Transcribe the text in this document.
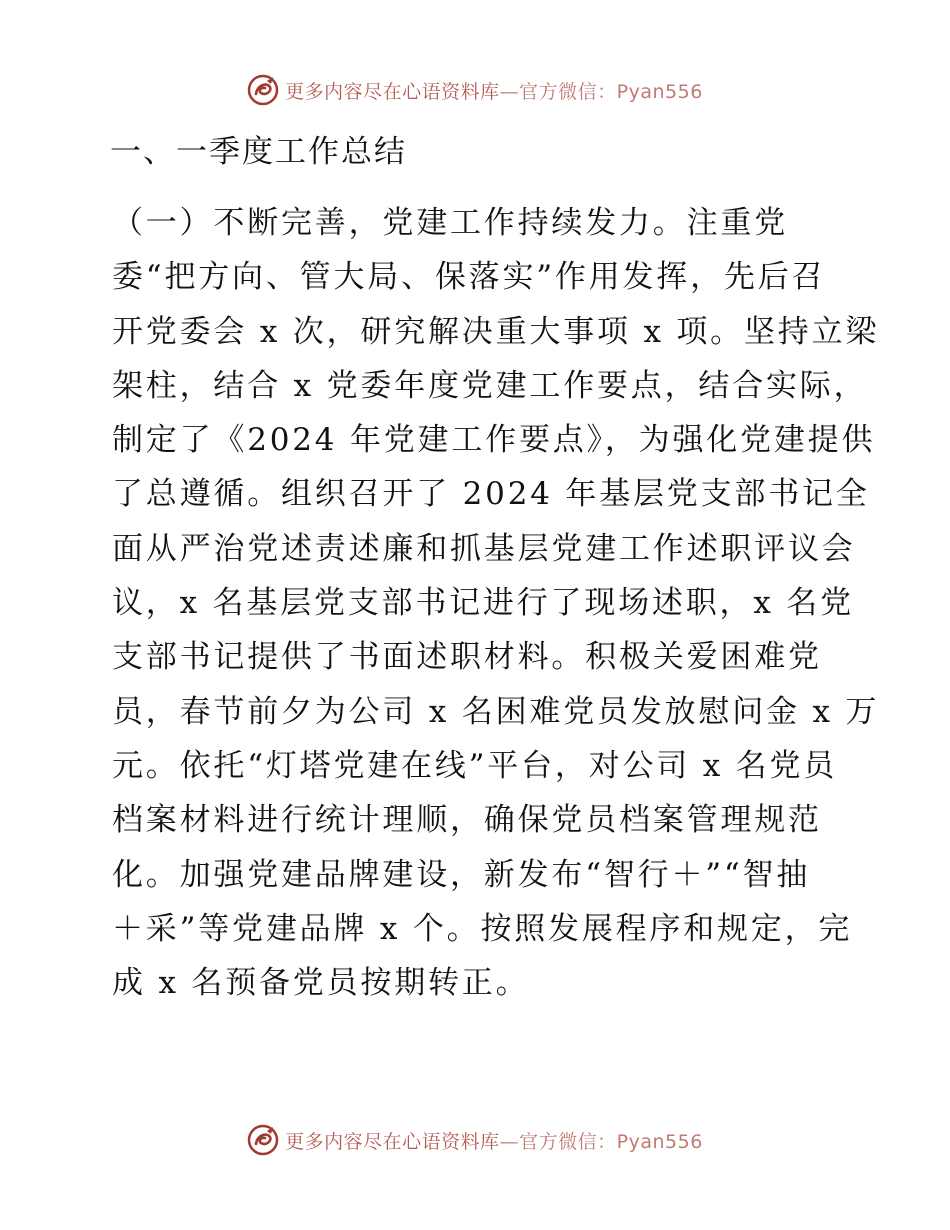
更多内容尽在心语资料库—官方微信：Pyan556
一、一季度工作总结
（一）不断完善，党建工作持续发力。注重党
委“把方向、管大局、保落实”作用发挥，先后召
开党委会 x 次，研究解决重大事项 x 项。坚持立梁
架柱，结合 x 党委年度党建工作要点，结合实际，
制定了《2024 年党建工作要点》，为强化党建提供
了总遵循。组织召开了 2024 年基层党支部书记全
面从严治党述责述廉和抓基层党建工作述职评议会
议，x 名基层党支部书记进行了现场述职，x 名党
支部书记提供了书面述职材料。积极关爱困难党
员，春节前夕为公司 x 名困难党员发放慰问金 x 万
元。依托“灯塔党建在线”平台，对公司 x 名党员
档案材料进行统计理顺，确保党员档案管理规范
化。加强党建品牌建设，新发布“智行＋”“智抽
＋采”等党建品牌 x 个。按照发展程序和规定，完
成 x 名预备党员按期转正。
更多内容尽在心语资料库—官方微信：Pyan556
